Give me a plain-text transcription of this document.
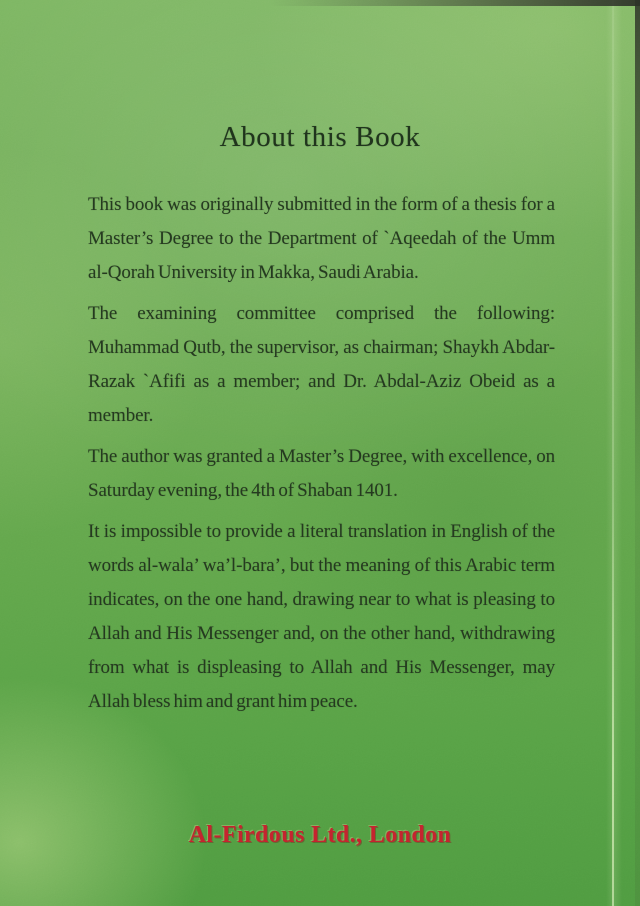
About this Book

This book was originally submitted in the form of a thesis for a Master’s Degree to the Department of `Aqeedah of the Umm al-Qorah University in Makka, Saudi Arabia.

The examining committee comprised the following: Muhammad Qutb, the supervisor, as chairman; Shaykh Abdar-Razak `Afifi as a member; and Dr. Abdal-Aziz Obeid as a member.

The author was granted a Master’s Degree, with excellence, on Saturday evening, the 4th of Shaban 1401.

It is impossible to provide a literal translation in English of the words al-wala’ wa’l-bara’, but the meaning of this Arabic term indicates, on the one hand, drawing near to what is pleasing to Allah and His Messenger and, on the other hand, withdrawing from what is displeasing to Allah and His Messenger, may Allah bless him and grant him peace.

Al-Firdous Ltd., London
